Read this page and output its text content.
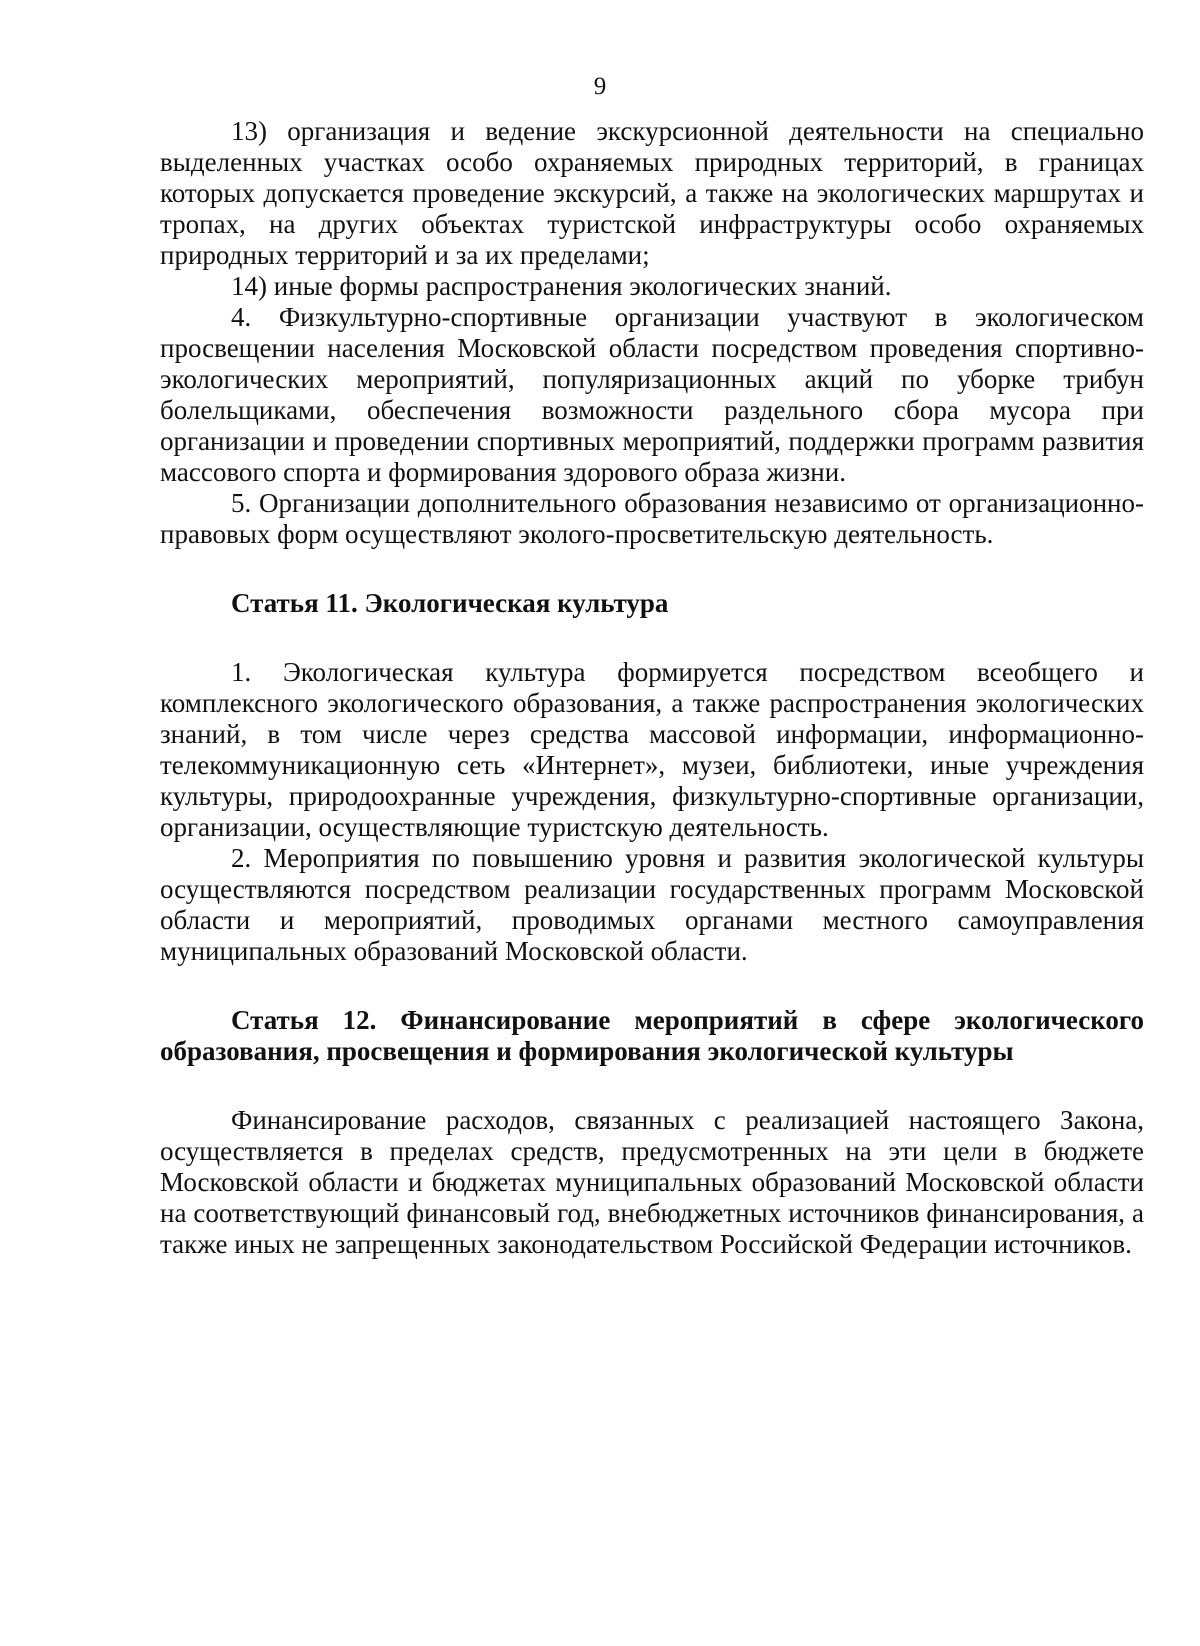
9

13) организация и ведение экскурсионной деятельности на специально выделенных участках особо охраняемых природных территорий, в границах которых допускается проведение экскурсий, а также на экологических маршрутах и тропах, на других объектах туристской инфраструктуры особо охраняемых природных территорий и за их пределами;

14) иные формы распространения экологических знаний.

4. Физкультурно-спортивные организации участвуют в экологическом просвещении населения Московской области посредством проведения спортивно-экологических мероприятий, популяризационных акций по уборке трибун болельщиками, обеспечения возможности раздельного сбора мусора при организации и проведении спортивных мероприятий, поддержки программ развития массового спорта и формирования здорового образа жизни.

5. Организации дополнительного образования независимо от организационно-правовых форм осуществляют эколого-просветительскую деятельность.

Статья 11. Экологическая культура

1. Экологическая культура формируется посредством всеобщего и комплексного экологического образования, а также распространения экологических знаний, в том числе через средства массовой информации, информационно-телекоммуникационную сеть «Интернет», музеи, библиотеки, иные учреждения культуры, природоохранные учреждения, физкультурно-спортивные организации, организации, осуществляющие туристскую деятельность.

2. Мероприятия по повышению уровня и развития экологической культуры осуществляются посредством реализации государственных программ Московской области и мероприятий, проводимых органами местного самоуправления муниципальных образований Московской области.

Статья 12. Финансирование мероприятий в сфере экологического образования, просвещения и формирования экологической культуры

Финансирование расходов, связанных с реализацией настоящего Закона, осуществляется в пределах средств, предусмотренных на эти цели в бюджете Московской области и бюджетах муниципальных образований Московской области на соответствующий финансовый год, внебюджетных источников финансирования, а также иных не запрещенных законодательством Российской Федерации источников.
